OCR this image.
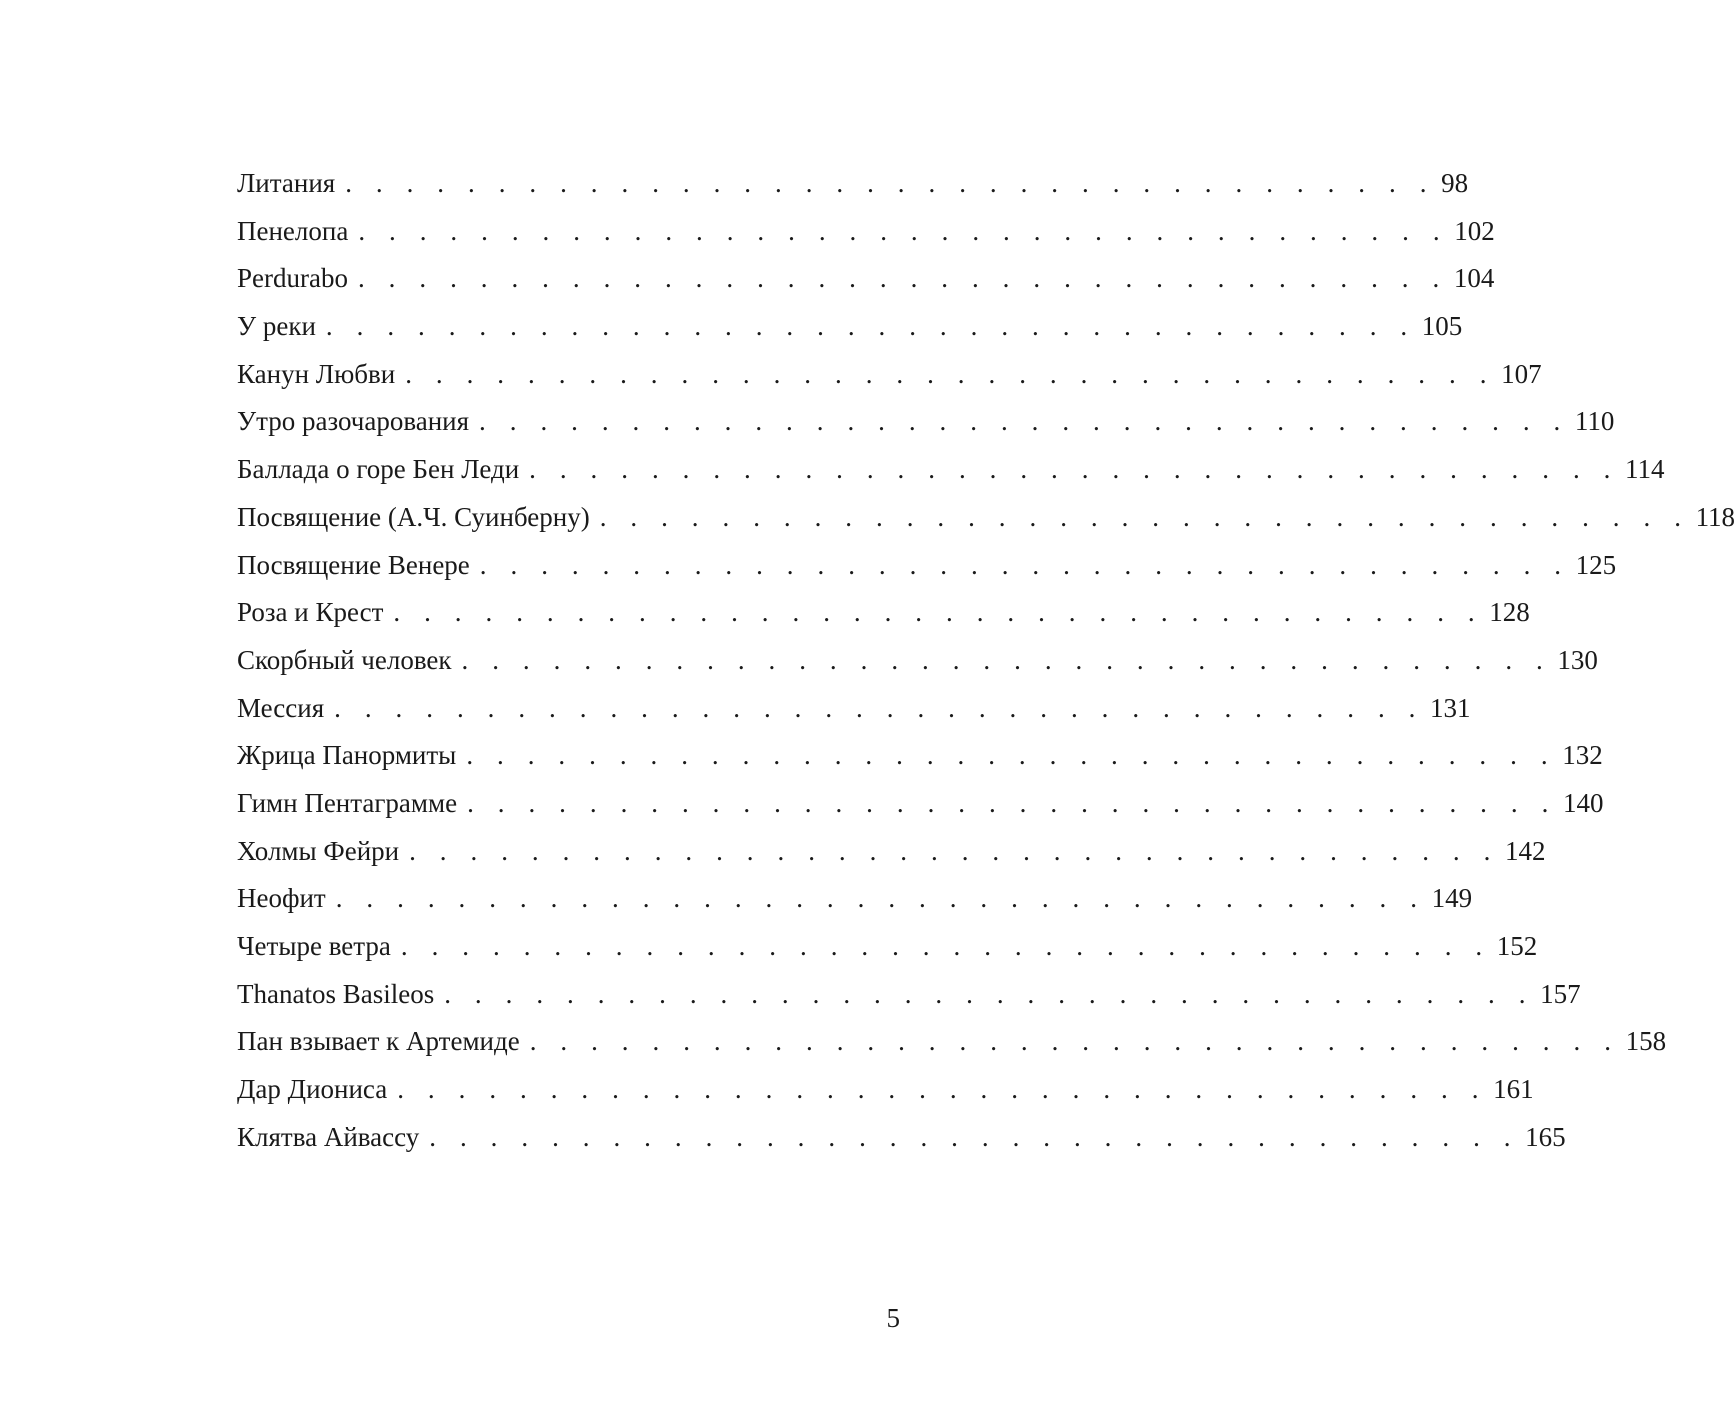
Литания . . . . . . . . . . . . . . . . . . . . . . . . . . . . . . . . . . . . 98
Пенелопа . . . . . . . . . . . . . . . . . . . . . . . . . . . . . . . . . . . . 102
Perdurabo . . . . . . . . . . . . . . . . . . . . . . . . . . . . . . . . . . . . 104
У реки . . . . . . . . . . . . . . . . . . . . . . . . . . . . . . . . . . . . 105
Канун Любви . . . . . . . . . . . . . . . . . . . . . . . . . . . . . . . . . . . . 107
Утро разочарования . . . . . . . . . . . . . . . . . . . . . . . . . . . . . . . . . . . . 110
Баллада о горе Бен Леди . . . . . . . . . . . . . . . . . . . . . . . . . . . . . . . . . . . . 114
Посвящение (А.Ч. Суинберну) . . . . . . . . . . . . . . . . . . . . . . . . . . . . . . . . . . . . 118
Посвящение Венере . . . . . . . . . . . . . . . . . . . . . . . . . . . . . . . . . . . . 125
Роза и Крест . . . . . . . . . . . . . . . . . . . . . . . . . . . . . . . . . . . . 128
Скорбный человек . . . . . . . . . . . . . . . . . . . . . . . . . . . . . . . . . . . . 130
Мессия . . . . . . . . . . . . . . . . . . . . . . . . . . . . . . . . . . . . 131
Жрица Панормиты . . . . . . . . . . . . . . . . . . . . . . . . . . . . . . . . . . . . 132
Гимн Пентаграмме . . . . . . . . . . . . . . . . . . . . . . . . . . . . . . . . . . . . 140
Холмы Фейри . . . . . . . . . . . . . . . . . . . . . . . . . . . . . . . . . . . . 142
Неофит . . . . . . . . . . . . . . . . . . . . . . . . . . . . . . . . . . . . 149
Четыре ветра . . . . . . . . . . . . . . . . . . . . . . . . . . . . . . . . . . . . 152
Thanatos Basileos . . . . . . . . . . . . . . . . . . . . . . . . . . . . . . . . . . . . 157
Пан взывает к Артемиде . . . . . . . . . . . . . . . . . . . . . . . . . . . . . . . . . . . . 158
Дар Диониса . . . . . . . . . . . . . . . . . . . . . . . . . . . . . . . . . . . . 161
Клятва Айвассу . . . . . . . . . . . . . . . . . . . . . . . . . . . . . . . . . . . . 165
5
